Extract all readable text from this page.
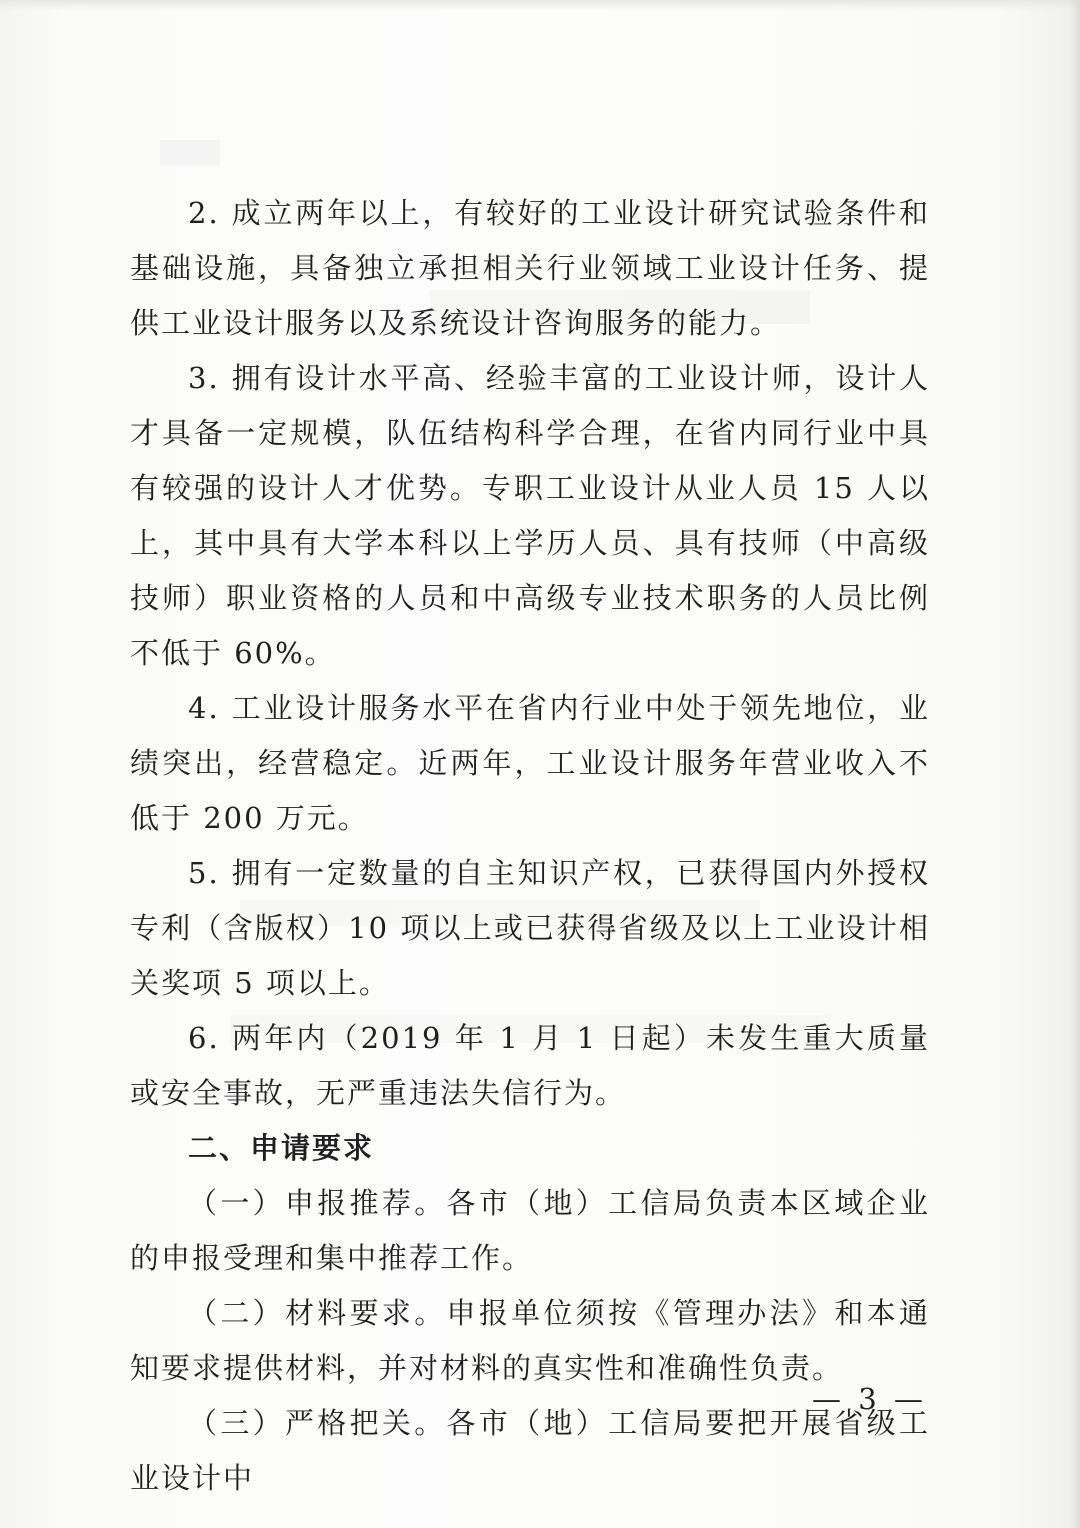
2. 成立两年以上，有较好的工业设计研究试验条件和基础设施，具备独立承担相关行业领域工业设计任务、提供工业设计服务以及系统设计咨询服务的能力。

3. 拥有设计水平高、经验丰富的工业设计师，设计人才具备一定规模，队伍结构科学合理，在省内同行业中具有较强的设计人才优势。专职工业设计从业人员 15 人以上，其中具有大学本科以上学历人员、具有技师（中高级技师）职业资格的人员和中高级专业技术职务的人员比例不低于 60%。

4. 工业设计服务水平在省内行业中处于领先地位，业绩突出，经营稳定。近两年，工业设计服务年营业收入不低于 200 万元。

5. 拥有一定数量的自主知识产权，已获得国内外授权专利（含版权）10 项以上或已获得省级及以上工业设计相关奖项 5 项以上。

6. 两年内（2019 年 1 月 1 日起）未发生重大质量或安全事故，无严重违法失信行为。

二、申请要求

（一）申报推荐。各市（地）工信局负责本区域企业的申报受理和集中推荐工作。

（二）材料要求。申报单位须按《管理办法》和本通知要求提供材料，并对材料的真实性和准确性负责。

（三）严格把关。各市（地）工信局要把开展省级工业设计中

— 3 —
